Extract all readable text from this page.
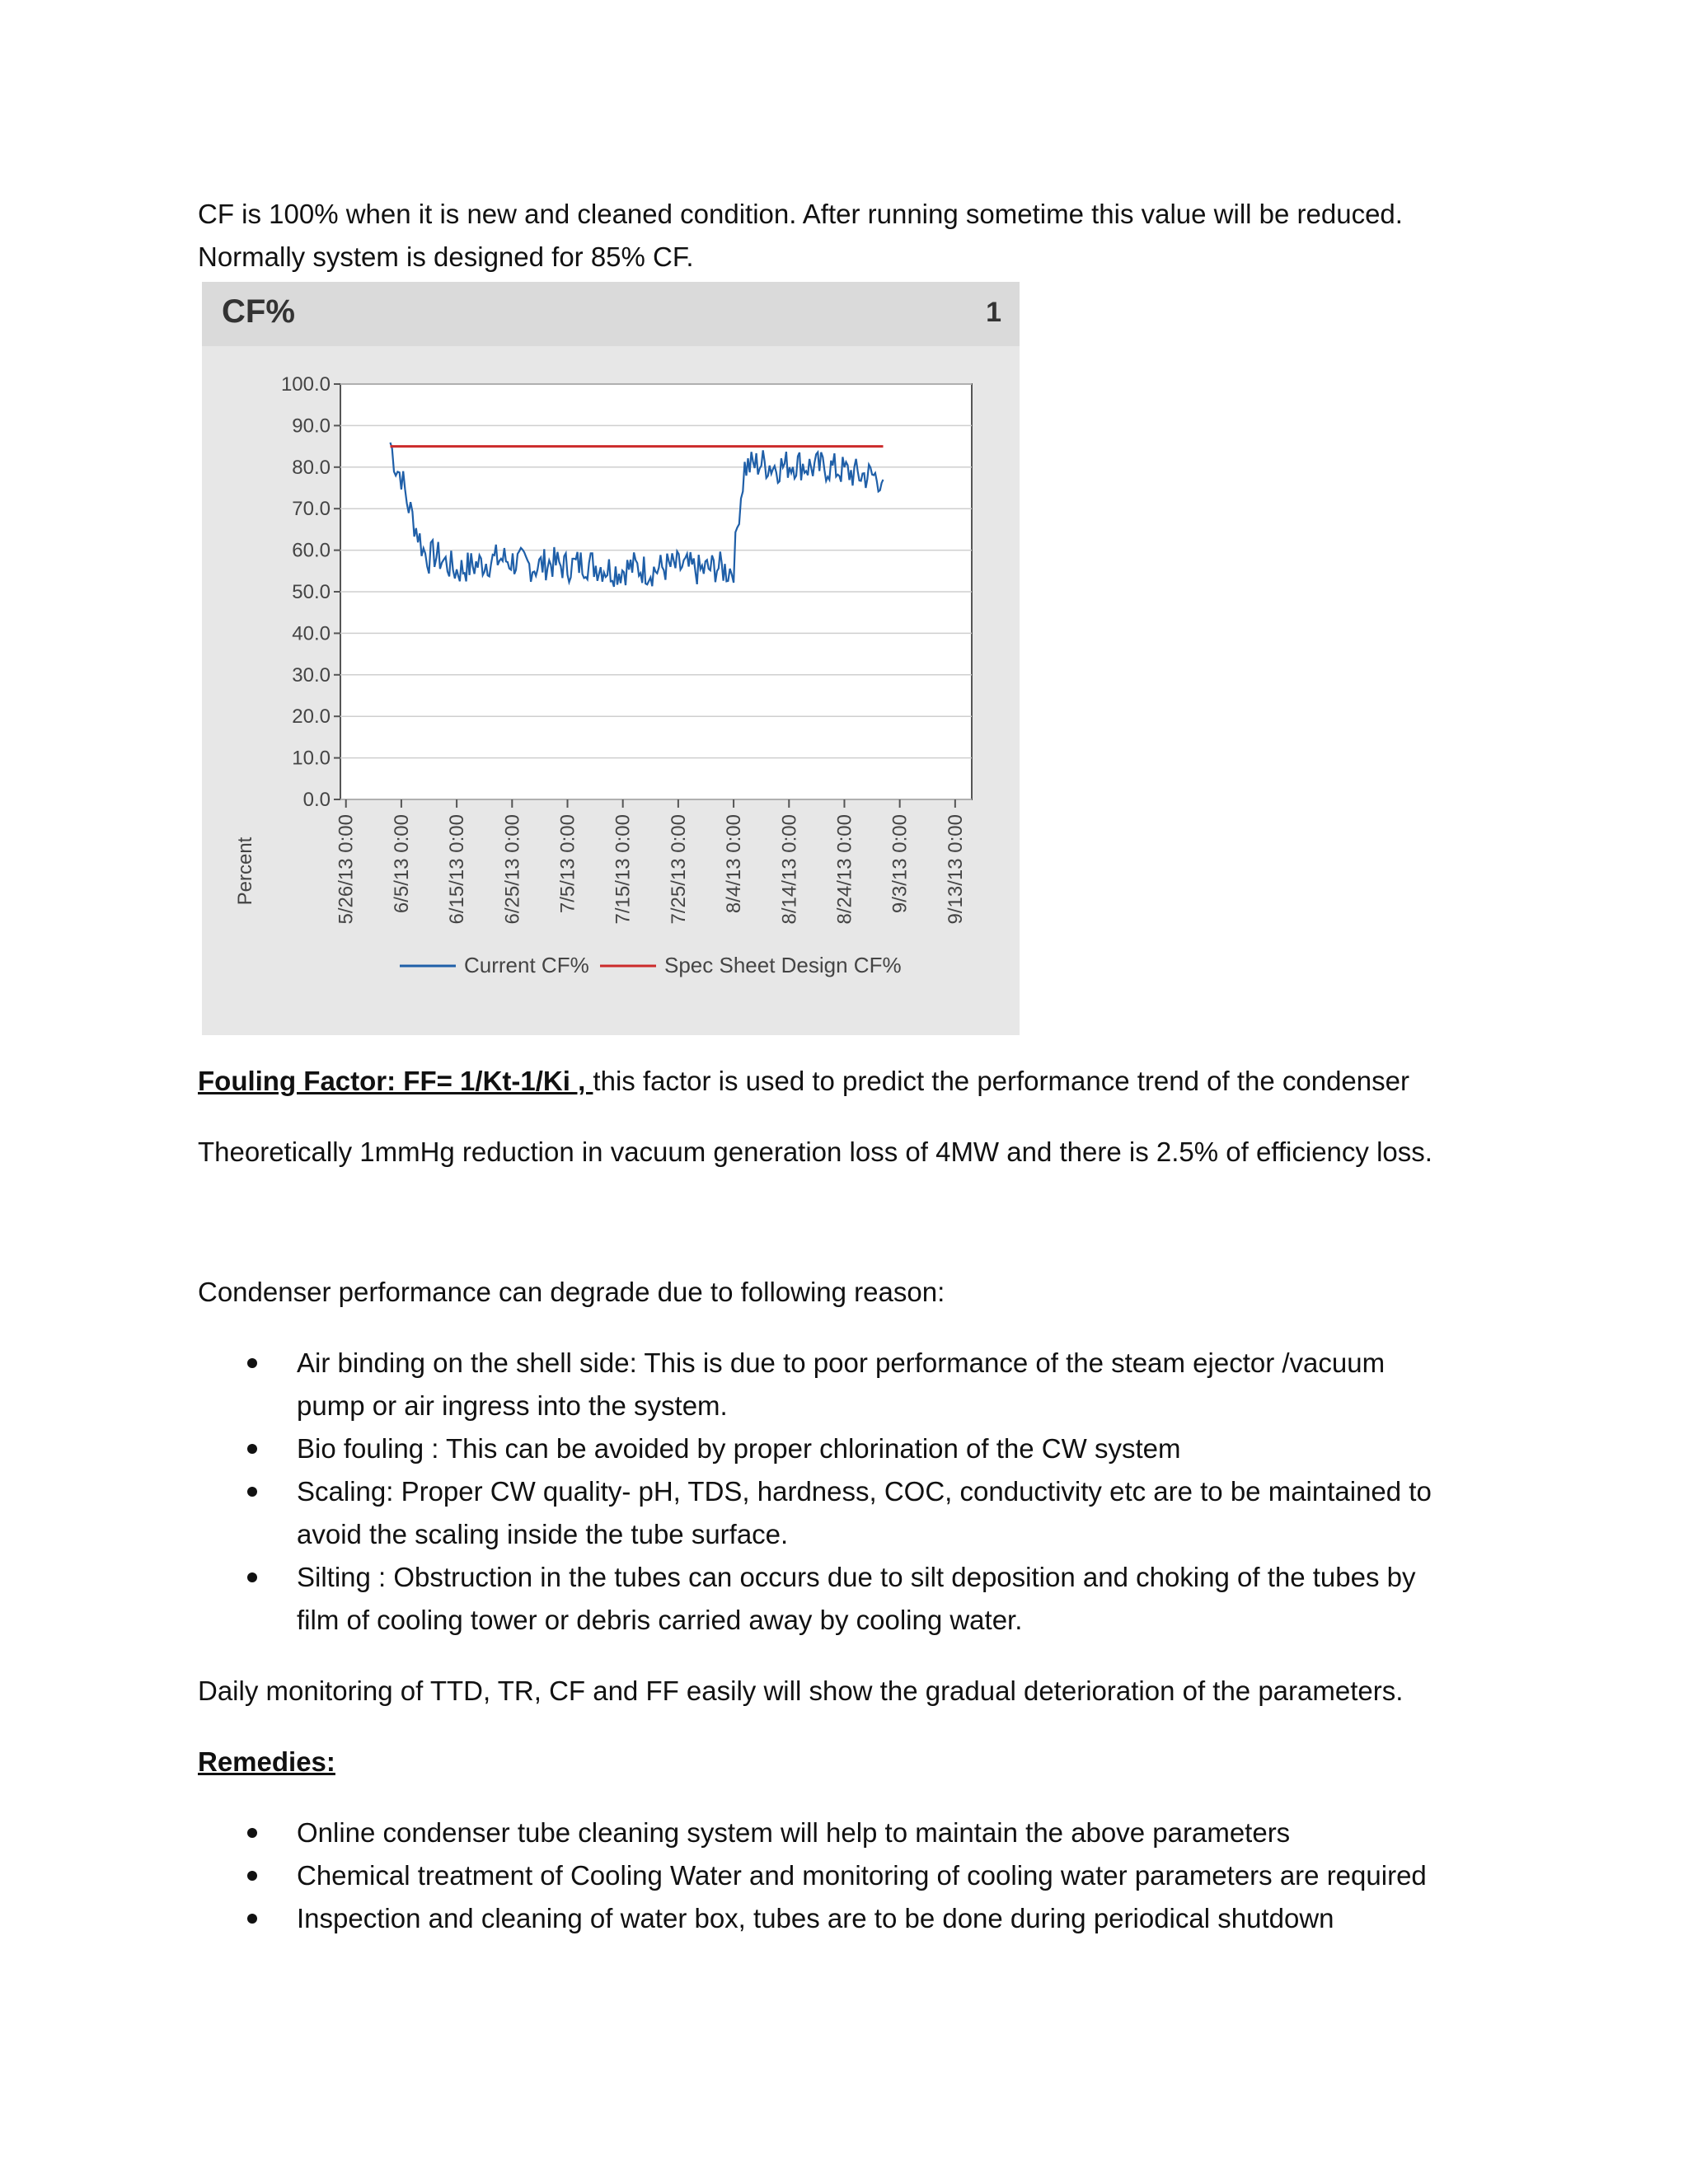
CF is 100% when it is new and cleaned condition. After running sometime this value will be reduced.
Normally system is designed for 85% CF.
CF%	1
100.0
90.0
80.0
70.0
60.0
50.0
40.0
30.0
20.0
10.0
0.0
5/26/13 0:00 6/5/13 0:00 6/15/13 0:00 6/25/13 0:00 7/5/13 0:00 7/15/13 0:00 7/25/13 0:00 8/4/13 0:00 8/14/13 0:00 8/24/13 0:00 9/3/13 0:00 9/13/13 0:00
Current CF%	Spec Sheet Design CF%
Percent
Fouling Factor: FF= 1/Kt-1/Ki , this factor is used to predict the performance trend of the condenser
Theoretically 1mmHg reduction in vacuum generation loss of 4MW and there is 2.5% of efficiency loss.
Condenser performance can degrade due to following reason:
Air binding on the shell side: This is due to poor performance of the steam ejector /vacuum
pump or air ingress into the system.
Bio fouling : This can be avoided by proper chlorination of the CW system
Scaling: Proper CW quality- pH, TDS, hardness, COC, conductivity etc are to be maintained to
avoid the scaling inside the tube surface.
Silting : Obstruction in the tubes can occurs due to silt deposition and choking of the tubes by
film of cooling tower or debris carried away by cooling water.
Daily monitoring of TTD, TR, CF and FF easily will show the gradual deterioration of the parameters.
Remedies:
Online condenser tube cleaning system will help to maintain the above parameters
Chemical treatment of Cooling Water and monitoring of cooling water parameters are required
Inspection and cleaning of water box, tubes are to be done during periodical shutdown
